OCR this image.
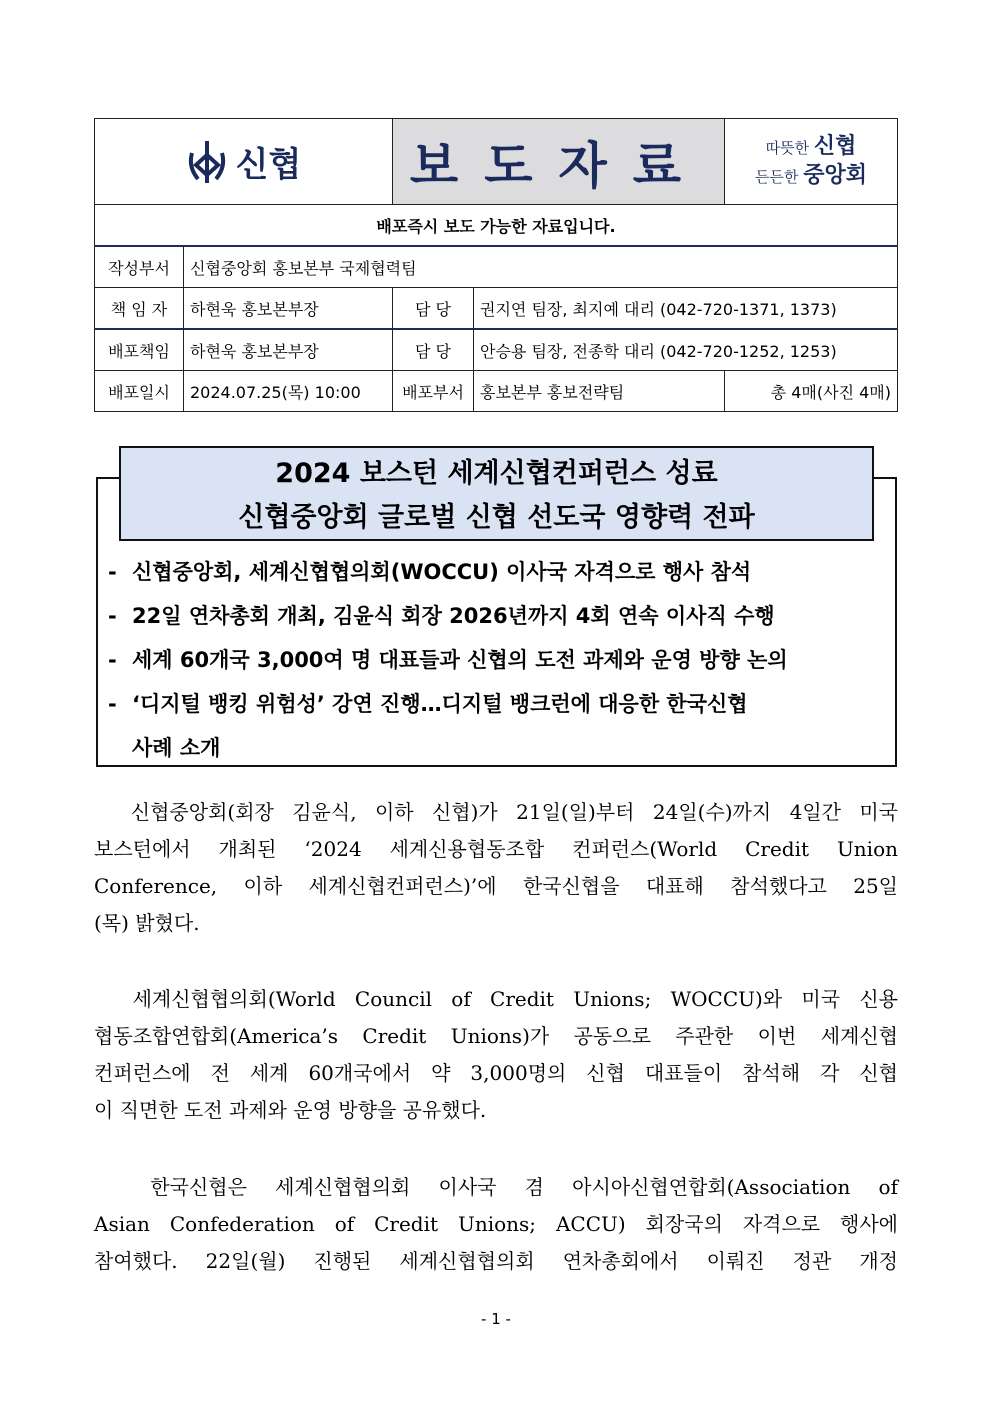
신협		보도자료		따뜻한 신협
든든한 중앙회
배포즉시 보도 가능한 자료입니다.				
작성부서	신협중앙회 홍보본부 국제협력팀			
책 임 자	하현욱 홍보본부장	담 당	권지연 팀장, 최지예 대리 (042-720-1371, 1373)	
배포책임	하현욱 홍보본부장	담 당	안승용 팀장, 전종학 대리 (042-720-1252, 1253)	
배포일시	2024.07.25(목) 10:00	배포부서	홍보본부 홍보전략팀	총 4매(사진 4매)
2024 보스턴 세계신협컨퍼런스 성료
신협중앙회 글로벌 신협 선도국 영향력 전파
- 신협중앙회, 세계신협협의회(WOCCU) 이사국 자격으로 행사 참석
- 22일 연차총회 개최, 김윤식 회장 2026년까지 4회 연속 이사직 수행
- 세계 60개국 3,000여 명 대표들과 신협의 도전 과제와 운영 방향 논의
- ‘디지털 뱅킹 위험성’ 강연 진행…디지털 뱅크런에 대응한 한국신협
사례 소개
신협중앙회(회장 김윤식, 이하 신협)가 21일(일)부터 24일(수)까지 4일간 미국
보스턴에서 개최된 ‘2024 세계신용협동조합 컨퍼런스(World Credit Union
Conference, 이하 세계신협컨퍼런스)’에 한국신협을 대표해 참석했다고 25일
(목) 밝혔다.
세계신협협의회(World Council of Credit Unions; WOCCU)와 미국 신용
협동조합연합회(America’s Credit Unions)가 공동으로 주관한 이번 세계신협
컨퍼런스에 전 세계 60개국에서 약 3,000명의 신협 대표들이 참석해 각 신협
이 직면한 도전 과제와 운영 방향을 공유했다.
한국신협은 세계신협협의회 이사국 겸 아시아신협연합회(Association of
Asian Confederation of Credit Unions; ACCU) 회장국의 자격으로 행사에
참여했다. 22일(월) 진행된 세계신협협의회 연차총회에서 이뤄진 정관 개정
- 1 -
